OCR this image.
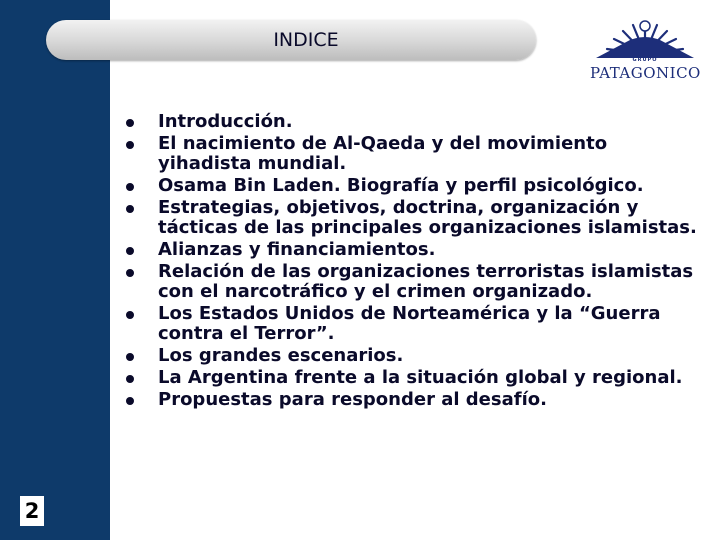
2
INDICE
GRUPO
PATAGONICO
Introducción.
El nacimiento de Al-Qaeda y del movimiento yihadista mundial.
Osama Bin Laden. Biografía y perfil psicológico.
Estrategias, objetivos, doctrina, organización y tácticas de las principales organizaciones islamistas.
Alianzas y financiamientos.
Relación de las organizaciones terroristas islamistas con el narcotráfico y el crimen organizado.
Los Estados Unidos de Norteamérica y la “Guerra contra el Terror”.
Los grandes escenarios.
La Argentina frente a la situación global y regional.
Propuestas para responder al desafío.
